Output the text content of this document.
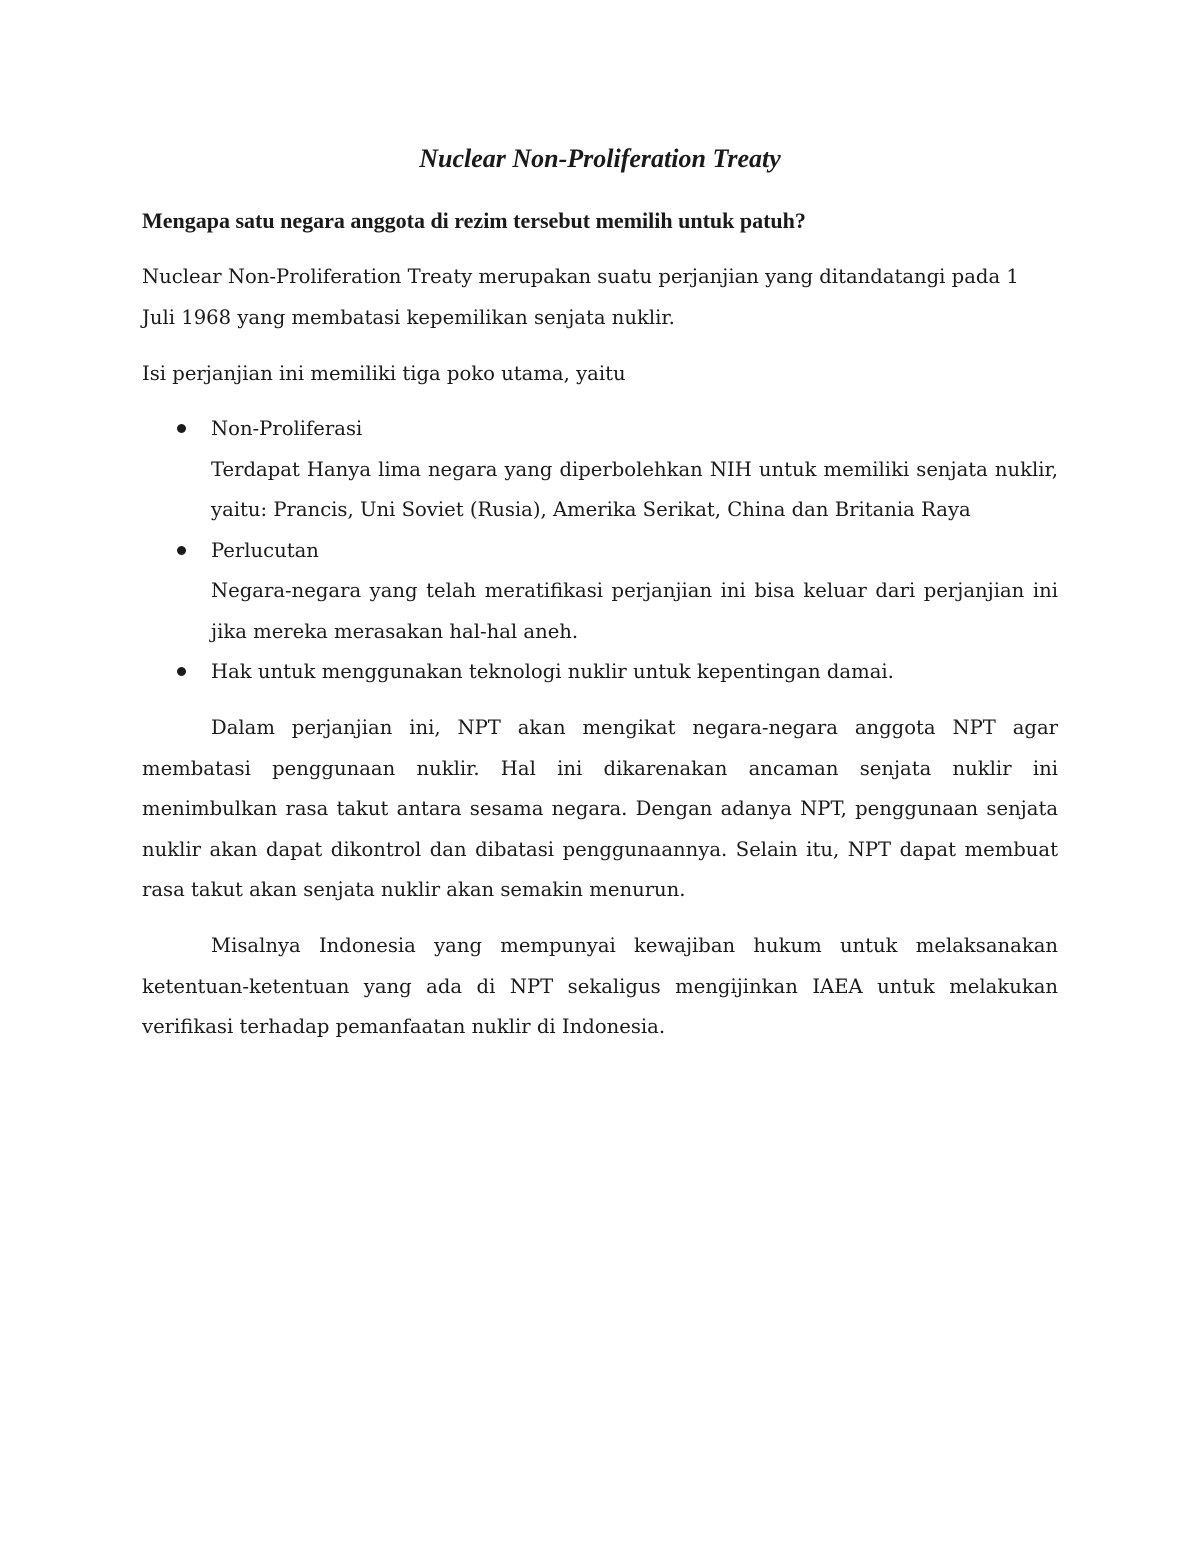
Nuclear Non-Proliferation Treaty
Mengapa satu negara anggota di rezim tersebut memilih untuk patuh?

Nuclear Non-Proliferation Treaty merupakan suatu perjanjian yang ditandatangi pada 1 Juli 1968 yang membatasi kepemilikan senjata nuklir.

Isi perjanjian ini memiliki tiga poko utama, yaitu

Non-Proliferasi
Terdapat Hanya lima negara yang diperbolehkan NIH untuk memiliki senjata nuklir, yaitu: Prancis, Uni Soviet (Rusia), Amerika Serikat, China dan Britania Raya
Perlucutan
Negara-negara yang telah meratifikasi perjanjian ini bisa keluar dari perjanjian ini jika mereka merasakan hal-hal aneh.
Hak untuk menggunakan teknologi nuklir untuk kepentingan damai.

Dalam perjanjian ini, NPT akan mengikat negara-negara anggota NPT agar membatasi penggunaan nuklir. Hal ini dikarenakan ancaman senjata nuklir ini menimbulkan rasa takut antara sesama negara. Dengan adanya NPT, penggunaan senjata nuklir akan dapat dikontrol dan dibatasi penggunaannya. Selain itu, NPT dapat membuat rasa takut akan senjata nuklir akan semakin menurun.

Misalnya Indonesia yang mempunyai kewajiban hukum untuk melaksanakan ketentuan-ketentuan yang ada di NPT sekaligus mengijinkan IAEA untuk melakukan verifikasi terhadap pemanfaatan nuklir di Indonesia.
